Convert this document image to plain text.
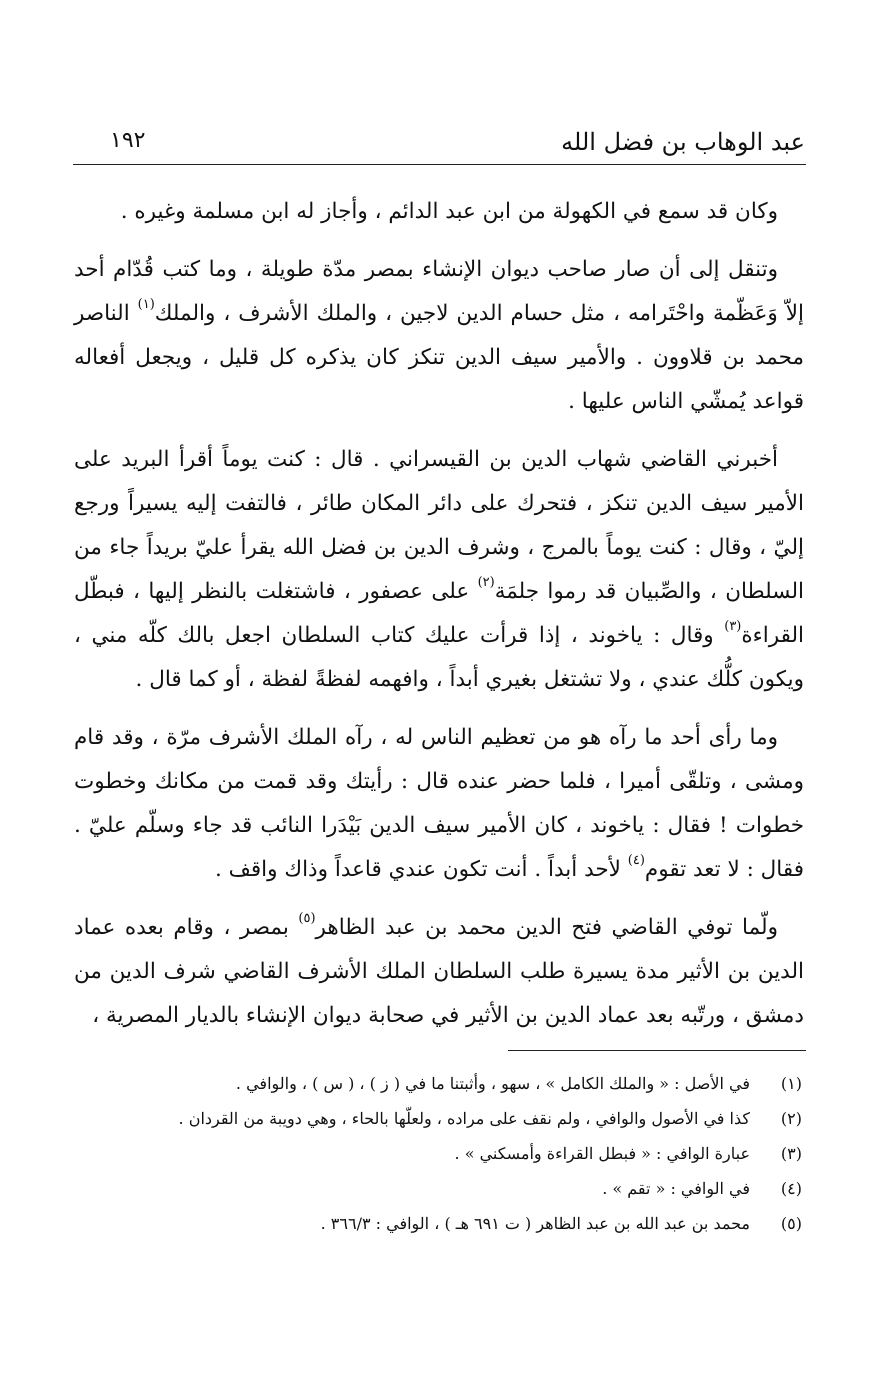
عبد الوهاب بن فضل الله
١٩٢

وكان قد سمع في الكهولة من ابن عبد الدائم ، وأجاز له ابن مسلمة وغيره .

وتنقل إلى أن صار صاحب ديوان الإنشاء بمصر مدّة طويلة ، وما كتب قُدّام أحد إلاّ وَعَظّمة واحْتَرامه ، مثل حسام الدين لاجين ، والملك الأشرف ، والملك$^{(١)}$ الناصر محمد بن قلاوون . والأمير سيف الدين تنكز كان يذكره كل قليل ، ويجعل أفعاله قواعد يُمشّي الناس عليها .

أخبرني القاضي شهاب الدين بن القيسراني . قال : كنت يوماً أقرأ البريد على الأمير سيف الدين تنكز ، فتحرك على دائر المكان طائر ، فالتفت إليه يسيراً ورجع إليّ ، وقال : كنت يوماً بالمرج ، وشرف الدين بن فضل الله يقرأ عليّ بريداً جاء من السلطان ، والصِّبيان قد رموا جلمَة$^{(٢)}$ على عصفور ، فاشتغلت بالنظر إليها ، فبطّل القراءة$^{(٣)}$ وقال : ياخوند ، إذا قرأت عليك كتاب السلطان اجعل بالك كلّه مني ، ويكون كلُّك عندي ، ولا تشتغل بغيري أبداً ، وافهمه لفظةً لفظة ، أو كما قال .

وما رأى أحد ما رآه هو من تعظيم الناس له ، رآه الملك الأشرف مرّة ، وقد قام ومشى ، وتلقّى أميرا ، فلما حضر عنده قال : رأيتك وقد قمت من مكانك وخطوت خطوات ! فقال : ياخوند ، كان الأمير سيف الدين بَيْدَرا النائب قد جاء وسلّم عليّ . فقال : لا تعد تقوم$^{(٤)}$ لأحد أبداً . أنت تكون عندي قاعداً وذاك واقف .

ولّما توفي القاضي فتح الدين محمد بن عبد الظاهر$^{(٥)}$ بمصر ، وقام بعده عماد الدين بن الأثير مدة يسيرة طلب السلطان الملك الأشرف القاضي شرف الدين من دمشق ، ورتّبه بعد عماد الدين بن الأثير في صحابة ديوان الإنشاء بالديار المصرية ،

(١)
في الأصل : « والملك الكامل » ، سهو ، وأثبتنا ما في ( ز ) ، ( س ) ، والوافي .
(٢)
كذا في الأصول والوافي ، ولم نقف على مراده ، ولعلّها بالحاء ، وهي دويبة من القردان .
(٣)
عبارة الوافي : « فبطل القراءة وأمسكني » .
(٤)
في الوافي : « تقم » .
(٥)
محمد بن عبد الله بن عبد الظاهر ( ت ٦٩١ هـ ) ، الوافي : ٣٦٦/٣ .
